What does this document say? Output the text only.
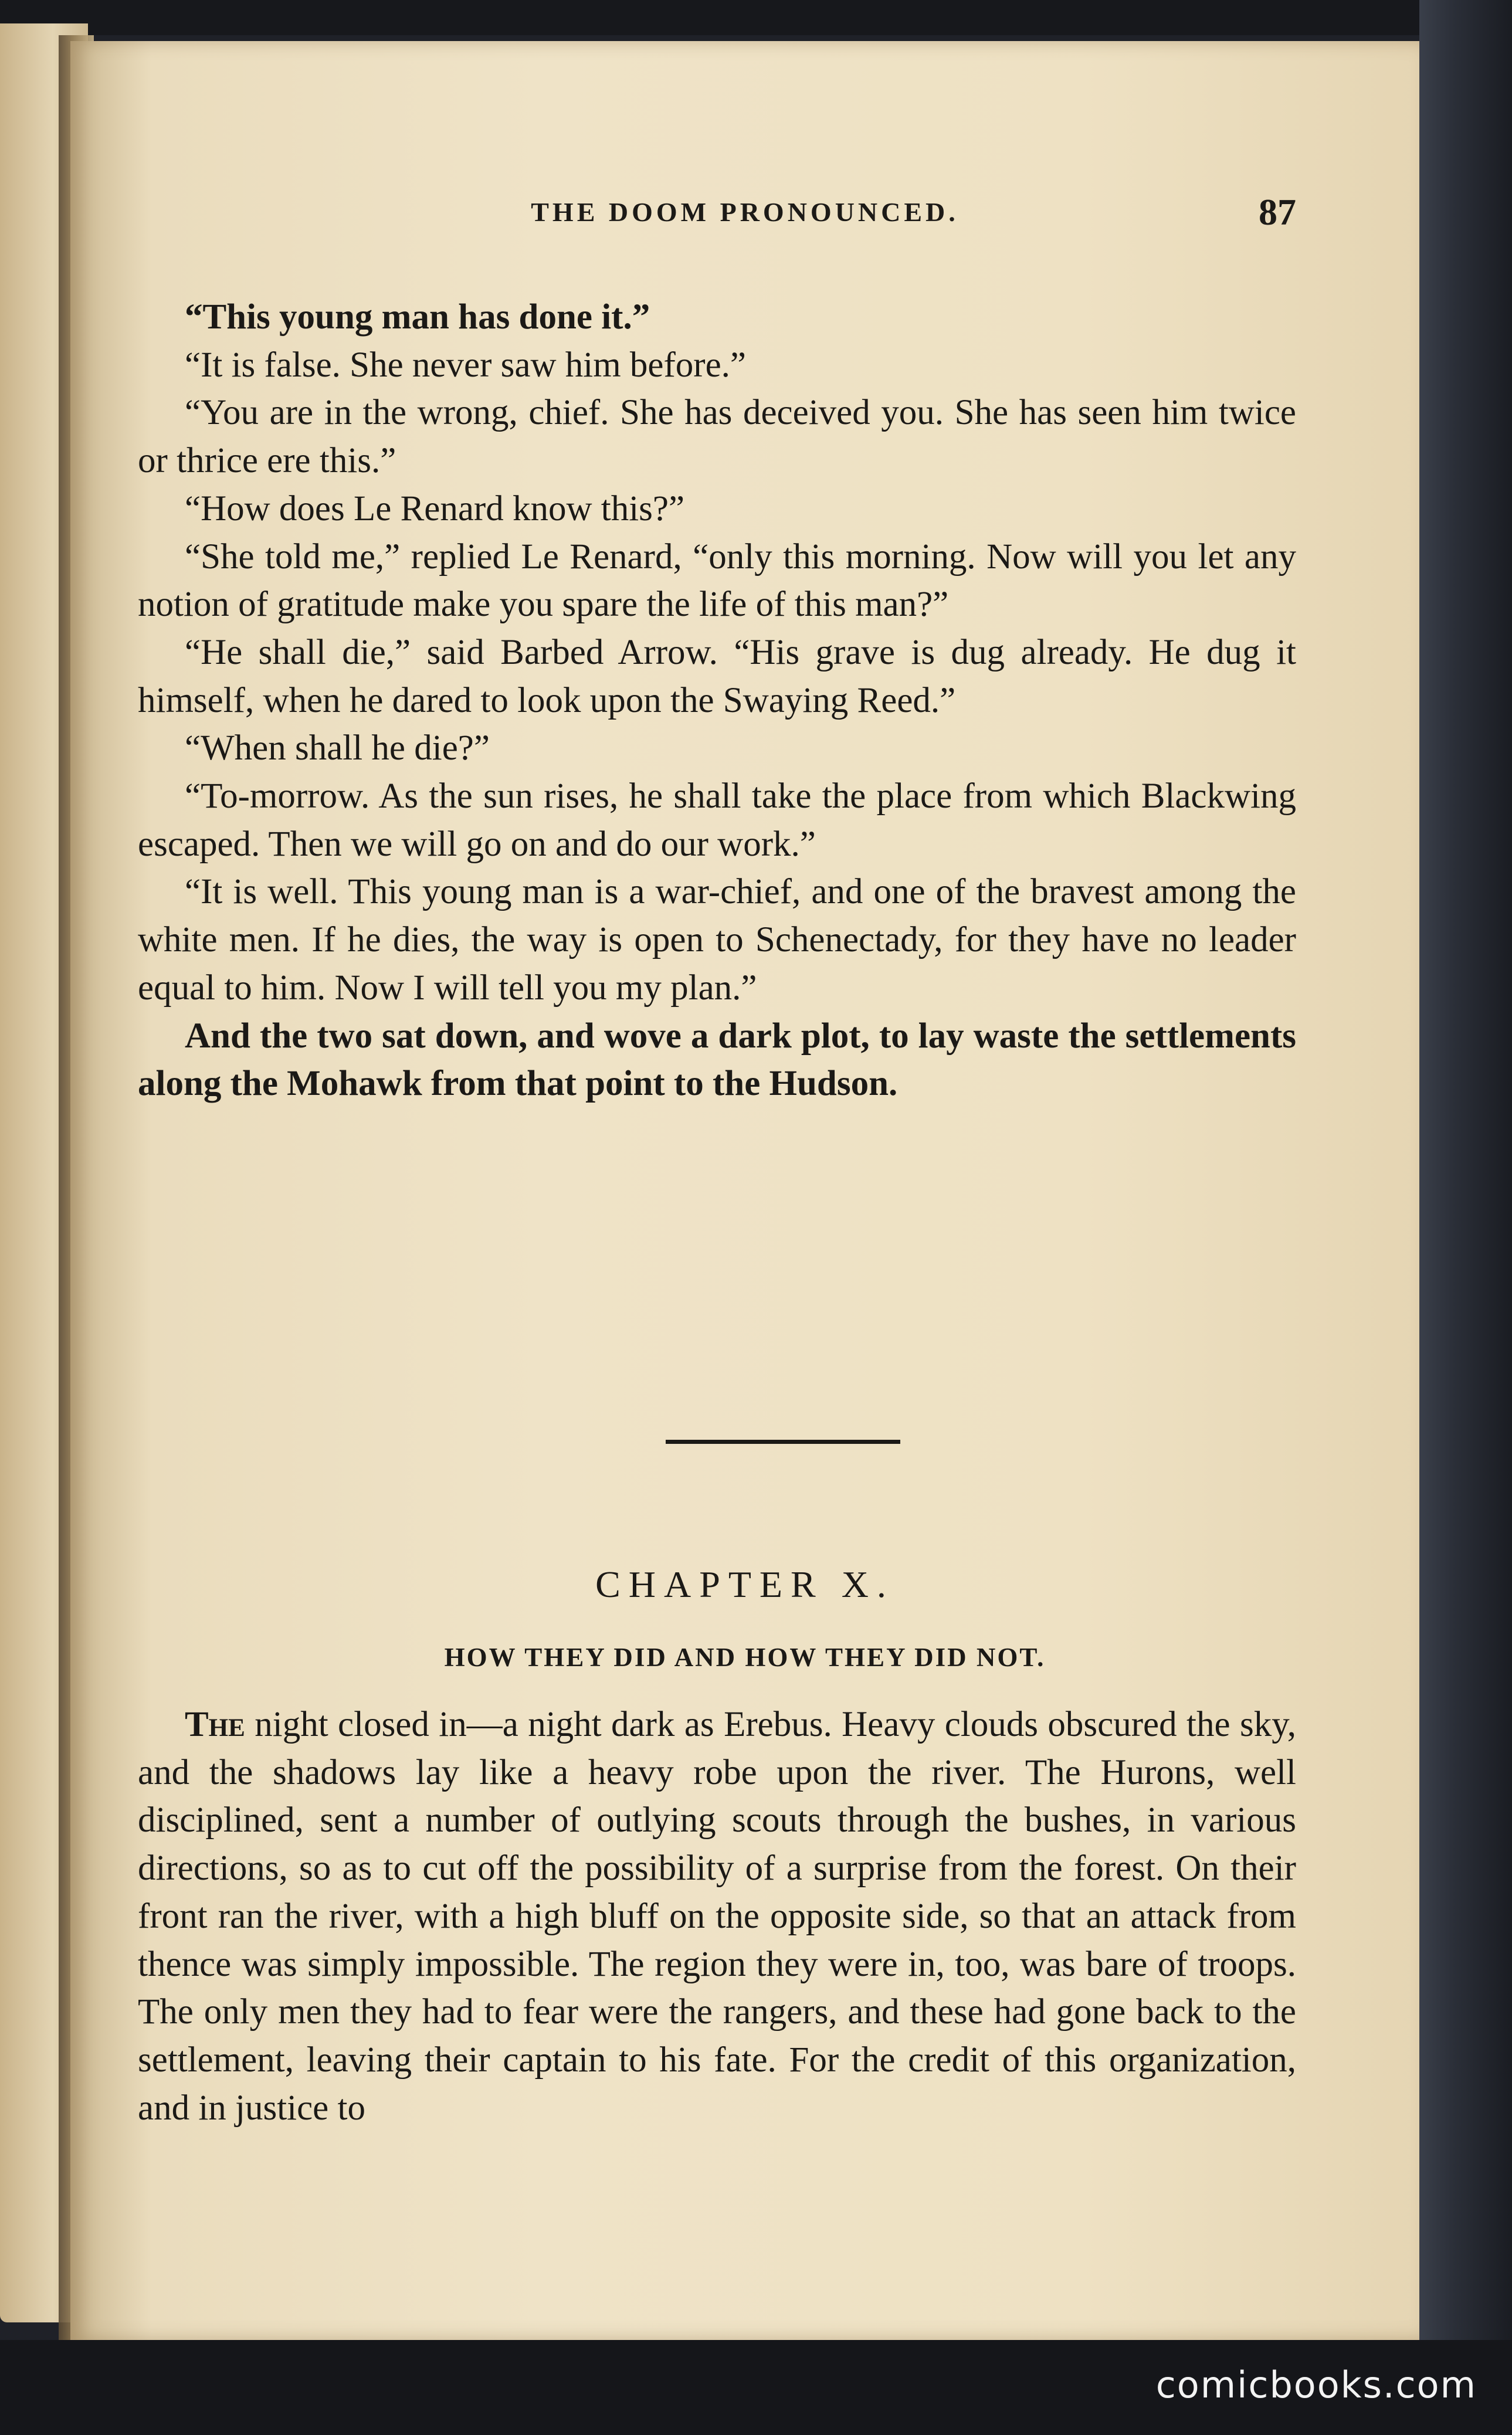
THE DOOM PRONOUNCED.	87

“This young man has done it.”

“It is false. She never saw him before.”

“You are in the wrong, chief. She has deceived you. She has seen him twice or thrice ere this.”

“How does Le Renard know this?”

“She told me,” replied Le Renard, “only this morning. Now will you let any notion of gratitude make you spare the life of this man?”

“He shall die,” said Barbed Arrow. “His grave is dug already. He dug it himself, when he dared to look upon the Swaying Reed.”

“When shall he die?”

“To-morrow. As the sun rises, he shall take the place from which Blackwing escaped. Then we will go on and do our work.”

“It is well. This young man is a war-chief, and one of the bravest among the white men. If he dies, the way is open to Schenectady, for they have no leader equal to him. Now I will tell you my plan.”

And the two sat down, and wove a dark plot, to lay waste the settlements along the Mohawk from that point to the Hudson.

CHAPTER X.
HOW THEY DID AND HOW THEY DID NOT.

The night closed in—a night dark as Erebus. Heavy clouds obscured the sky, and the shadows lay like a heavy robe upon the river. The Hurons, well disciplined, sent a number of outlying scouts through the bushes, in various directions, so as to cut off the possibility of a surprise from the forest. On their front ran the river, with a high bluff on the opposite side, so that an attack from thence was simply impossible. The region they were in, too, was bare of troops. The only men they had to fear were the rangers, and these had gone back to the settlement, leaving their captain to his fate. For the credit of this organization, and in justice to

comicbooks.com
